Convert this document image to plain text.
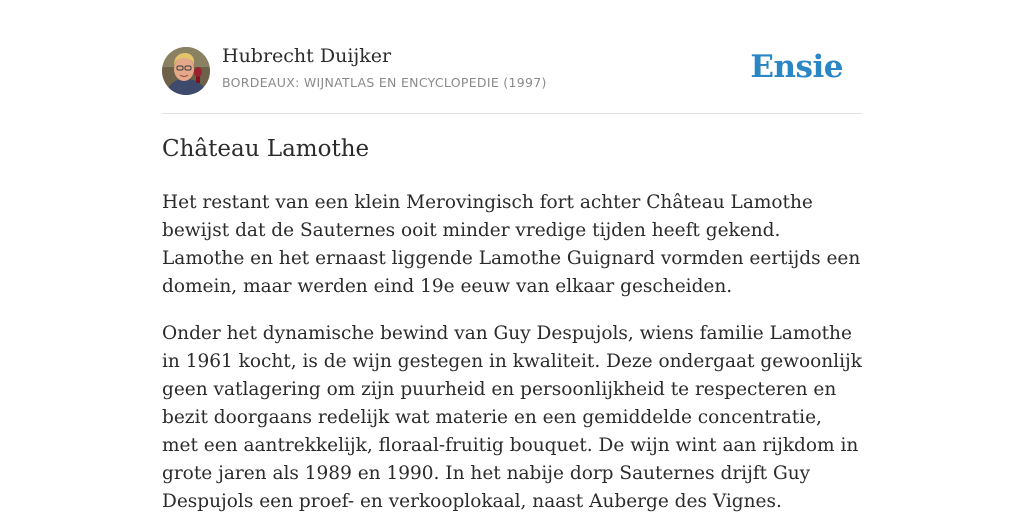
Hubrecht Duijker
BORDEAUX: WIJNATLAS EN ENCYCLOPEDIE (1997)	Ensie
Château Lamothe

Het restant van een klein Merovingisch fort achter Château Lamothe bewijst dat de Sauternes ooit minder vredige tijden heeft gekend. Lamothe en het ernaast liggende Lamothe Guignard vormden eertijds een domein, maar werden eind 19e eeuw van elkaar gescheiden.

Onder het dynamische bewind van Guy Despujols, wiens familie Lamothe in 1961 kocht, is de wijn gestegen in kwaliteit. Deze ondergaat gewoonlijk geen vatlagering om zijn puurheid en persoonlijkheid te respecteren en bezit doorgaans redelijk wat materie en een gemiddelde concentratie, met een aantrekkelijk, floraal-fruitig bouquet. De wijn wint aan rijkdom in grote jaren als 1989 en 1990. In het nabije dorp Sauternes drijft Guy Despujols een proef- en verkooplokaal, naast Auberge des Vignes.
